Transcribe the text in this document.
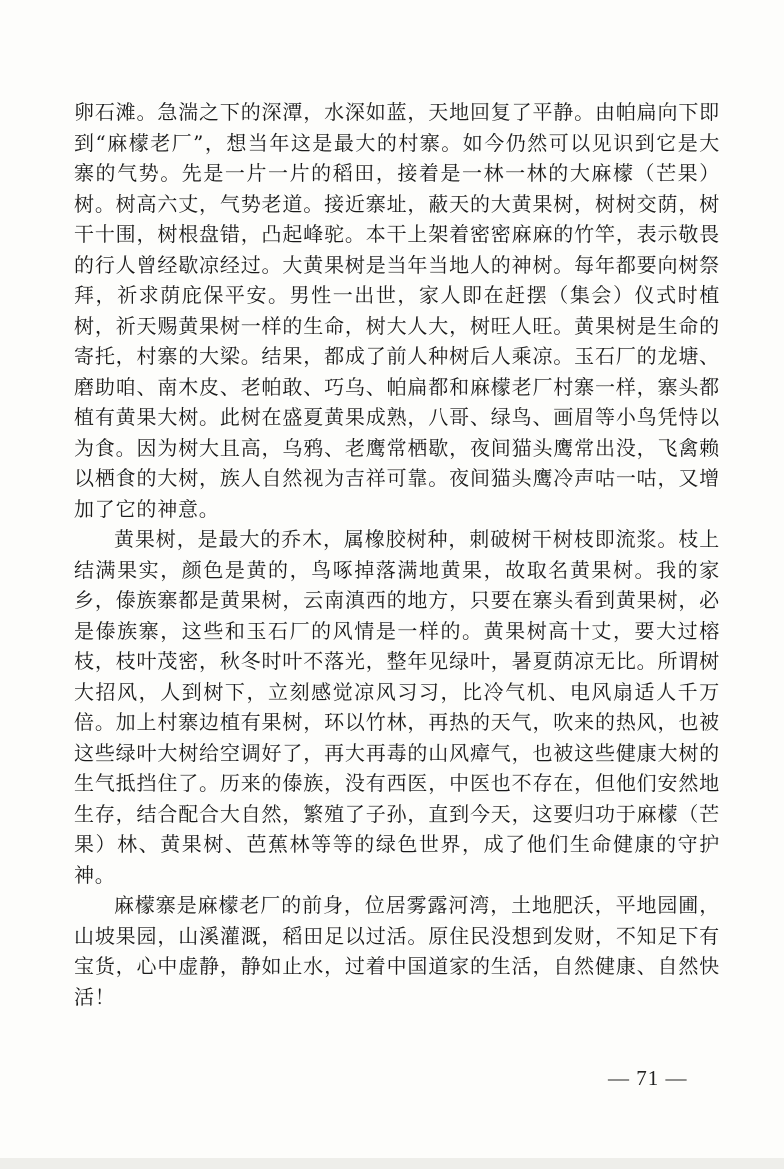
卵石滩。急湍之下的深潭，水深如蓝，天地回复了平静。由帕扁向下即到“麻檬老厂”，想当年这是最大的村寨。如今仍然可以见识到它是大寨的气势。先是一片一片的稻田，接着是一林一林的大麻檬（芒果）树。树高六丈，气势老道。接近寨址，蔽天的大黄果树，树树交荫，树干十围，树根盘错，凸起峰驼。本干上架着密密麻麻的竹竿，表示敬畏的行人曾经歇凉经过。大黄果树是当年当地人的神树。每年都要向树祭拜，祈求荫庇保平安。男性一出世，家人即在赶摆（集会）仪式时植树，祈天赐黄果树一样的生命，树大人大，树旺人旺。黄果树是生命的寄托，村寨的大梁。结果，都成了前人种树后人乘凉。玉石厂的龙塘、磨助咱、南木皮、老帕敢、巧乌、帕扁都和麻檬老厂村寨一样，寨头都植有黄果大树。此树在盛夏黄果成熟，八哥、绿鸟、画眉等小鸟凭恃以为食。因为树大且高，乌鸦、老鹰常栖歇，夜间猫头鹰常出没，飞禽赖以栖食的大树，族人自然视为吉祥可靠。夜间猫头鹰冷声咕一咕，又增加了它的神意。

黄果树，是最大的乔木，属橡胶树种，刺破树干树枝即流浆。枝上结满果实，颜色是黄的，鸟啄掉落满地黄果，故取名黄果树。我的家乡，傣族寨都是黄果树，云南滇西的地方，只要在寨头看到黄果树，必是傣族寨，这些和玉石厂的风情是一样的。黄果树高十丈，要大过榕枝，枝叶茂密，秋冬时叶不落光，整年见绿叶，暑夏荫凉无比。所谓树大招风，人到树下，立刻感觉凉风习习，比冷气机、电风扇适人千万倍。加上村寨边植有果树，环以竹林，再热的天气，吹来的热风，也被这些绿叶大树给空调好了，再大再毒的山风瘴气，也被这些健康大树的生气抵挡住了。历来的傣族，没有西医，中医也不存在，但他们安然地生存，结合配合大自然，繁殖了子孙，直到今天，这要归功于麻檬（芒果）林、黄果树、芭蕉林等等的绿色世界，成了他们生命健康的守护神。

麻檬寨是麻檬老厂的前身，位居雾露河湾，土地肥沃，平地园圃，山坡果园，山溪灌溉，稻田足以过活。原住民没想到发财，不知足下有宝货，心中虚静，静如止水，过着中国道家的生活，自然健康、自然快活！

— 71 —
